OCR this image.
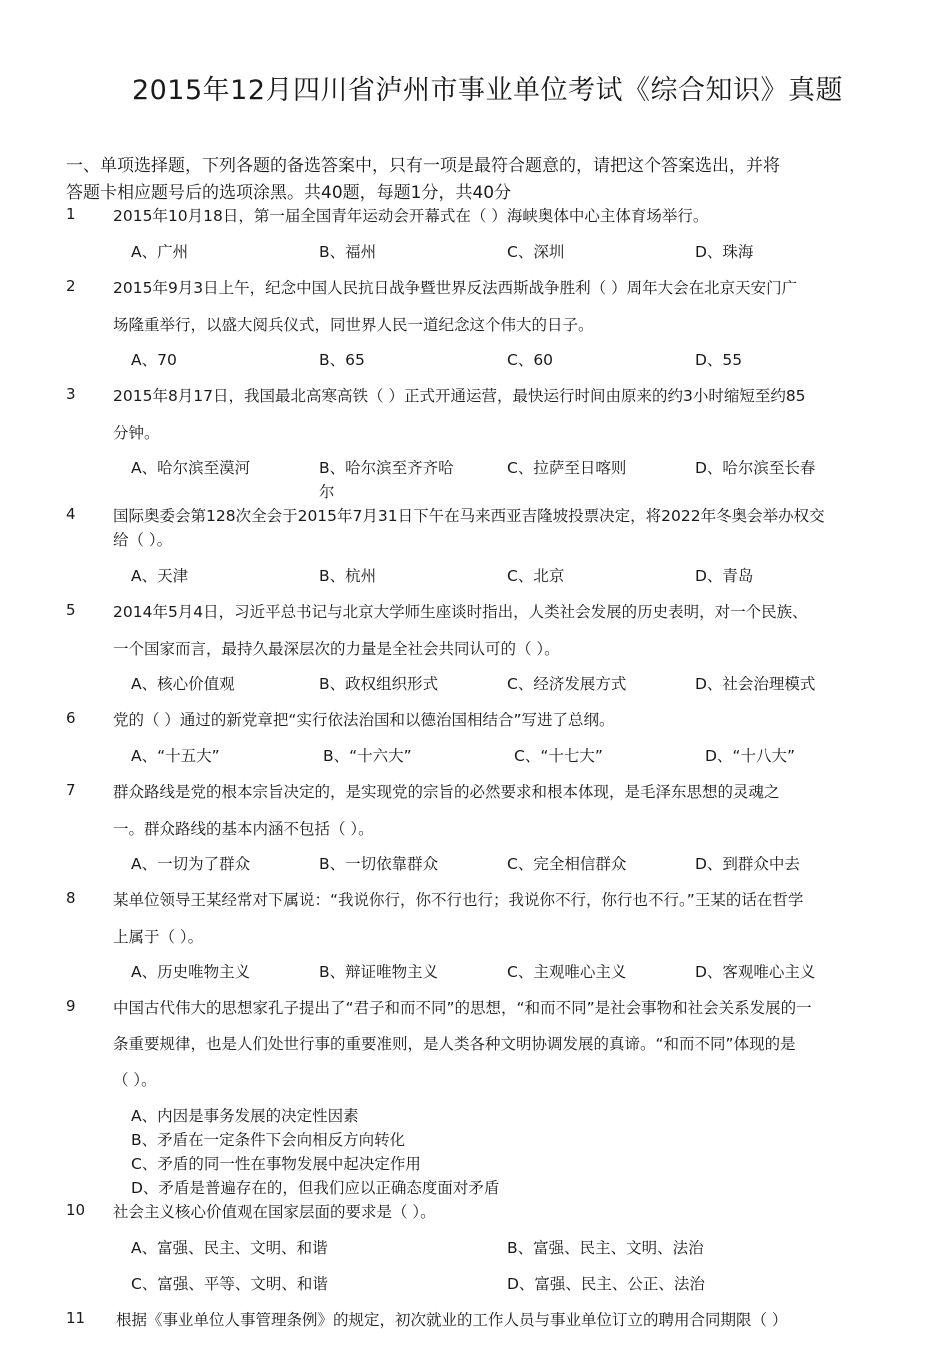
2015年12月四川省泸州市事业单位考试《综合知识》真题
一、单项选择题，下列各题的备选答案中，只有一项是最符合题意的，请把这个答案选出，并将
答题卡相应题号后的选项涂黑。共40题，每题1分，共40分
1 2015年10月18日，第一届全国青年运动会开幕式在（ ）海峡奥体中心主体育场举行。
A、广州	B、福州	C、深圳	D、珠海
2 2015年9月3日上午，纪念中国人民抗日战争暨世界反法西斯战争胜利（ ）周年大会在北京天安门广
场隆重举行，以盛大阅兵仪式，同世界人民一道纪念这个伟大的日子。
A、70	B、65	C、60	D、55
3 2015年8月17日，我国最北高寒高铁（ ）正式开通运营，最快运行时间由原来的约3小时缩短至约85
分钟。
A、哈尔滨至漠河	B、哈尔滨至齐齐哈
尔
C、拉萨至日喀则	D、哈尔滨至长春
4 国际奥委会第128次全会于2015年7月31日下午在马来西亚吉隆坡投票决定，将2022年冬奥会举办权交
给（ ）。
A、天津	B、杭州	C、北京	D、青岛
5 2014年5月4日，习近平总书记与北京大学师生座谈时指出，人类社会发展的历史表明，对一个民族、
一个国家而言，最持久最深层次的力量是全社会共同认可的（ ）。
A、核心价值观	B、政权组织形式	C、经济发展方式	D、社会治理模式
6 党的（ ）通过的新党章把“实行依法治国和以德治国相结合”写进了总纲。
A、“十五大”	B、“十六大”	C、“十七大”	D、“十八大”
7 群众路线是党的根本宗旨决定的，是实现党的宗旨的必然要求和根本体现，是毛泽东思想的灵魂之
一。群众路线的基本内涵不包括（ ）。
A、一切为了群众	B、一切依靠群众	C、完全相信群众	D、到群众中去
8 某单位领导王某经常对下属说：“我说你行，你不行也行；我说你不行，你行也不行。”王某的话在哲学
上属于（ ）。
A、历史唯物主义	B、辩证唯物主义	C、主观唯心主义	D、客观唯心主义
9 中国古代伟大的思想家孔子提出了“君子和而不同”的思想，“和而不同”是社会事物和社会关系发展的一
条重要规律，也是人们处世行事的重要准则，是人类各种文明协调发展的真谛。“和而不同”体现的是
（ ）。
A、内因是事务发展的决定性因素
B、矛盾在一定条件下会向相反方向转化
C、矛盾的同一性在事物发展中起决定作用
D、矛盾是普遍存在的，但我们应以正确态度面对矛盾
10 社会主义核心价值观在国家层面的要求是（ ）。
A、富强、民主、文明、和谐	B、富强、民主、文明、法治
C、富强、平等、文明、和谐	D、富强、民主、公正、法治
11 根据《事业单位人事管理条例》的规定，初次就业的工作人员与事业单位订立的聘用合同期限（ ）
